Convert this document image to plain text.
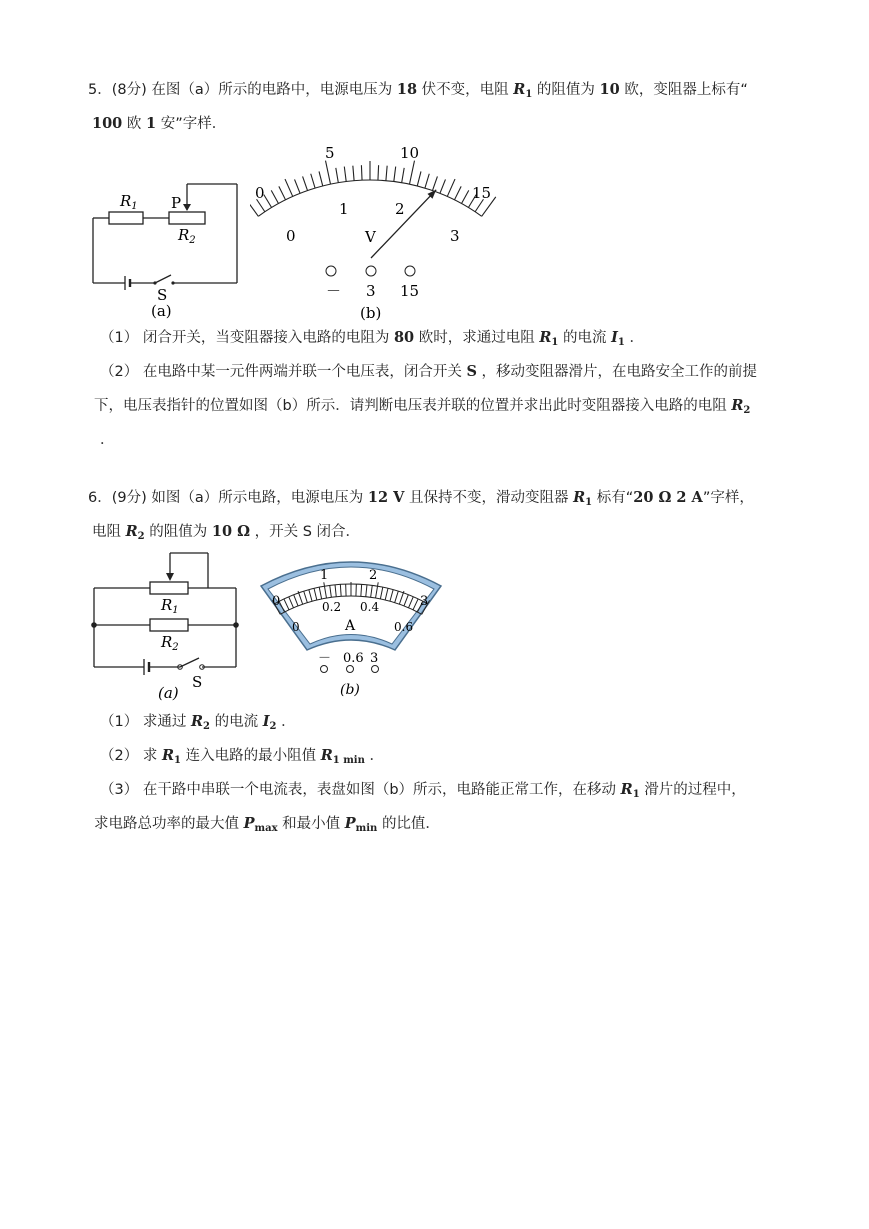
5．(8分) 在图（a）所示的电路中，电源电压为 18 伏不变，电阻 $R_1$ 的阻值为 10 欧，变阻器上标有“
100 欧 1 安”字样．
$R_1$ P
$R_2$
S
(a)
0
5	10
15
0
1	2
3
V
－ 3 15
(b)
（1） 闭合开关，当变阻器接入电路的电阻为 80 欧时，求通过电阻 $R_1$ 的电流 $I_1$ ．
（2） 在电路中某一元件两端并联一个电压表，闭合开关 S ，移动变阻器滑片，在电路安全工作的前提
下，电压表指针的位置如图（b）所示．请判断电压表并联的位置并求出此时变阻器接入电路的电阻 $R_2$
．
6．(9分) 如图（a）所示电路，电源电压为 12 V 且保持不变，滑动变阻器 $R_1$ 标有“20 Ω 2 A”字样，
电阻 $R_2$ 的阻值为 10 Ω ，开关 S 闭合．
$R_1$
$R_2$
S
(a)
0
1	2
3
0
0.2 0.4
0.6
A
－ 0.6 3
(b)
（1） 求通过 $R_2$ 的电流 $I_2$ ．
（2） 求 $R_1$ 连入电路的最小阻值 $R_{1 min}$ ．
（3） 在干路中串联一个电流表，表盘如图（b）所示，电路能正常工作，在移动 $R_1$ 滑片的过程中，
求电路总功率的最大值 $P_{max}$ 和最小值 $P_{min}$ 的比值．
